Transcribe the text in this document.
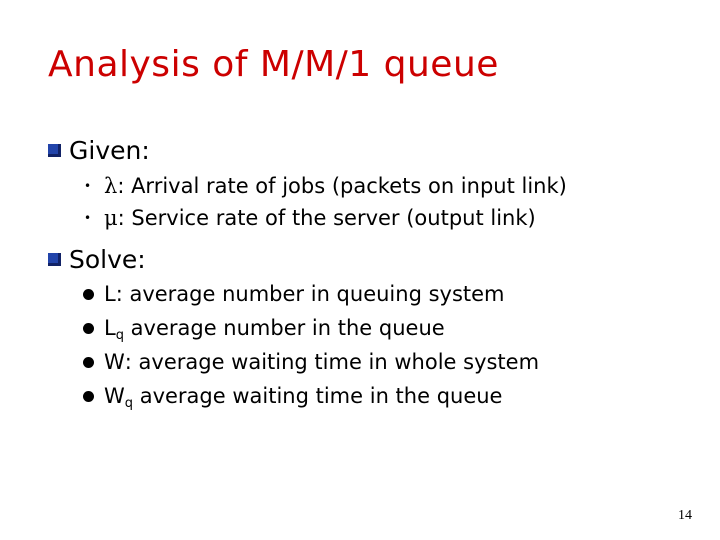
Analysis of M/M/1 queue
Given:
• λ: Arrival rate of jobs (packets on input link)
• μ: Service rate of the server (output link)
Solve:
L: average number in queuing system
$L_q$ average number in the queue
W: average waiting time in whole system
$W_q$ average waiting time in the queue
14
